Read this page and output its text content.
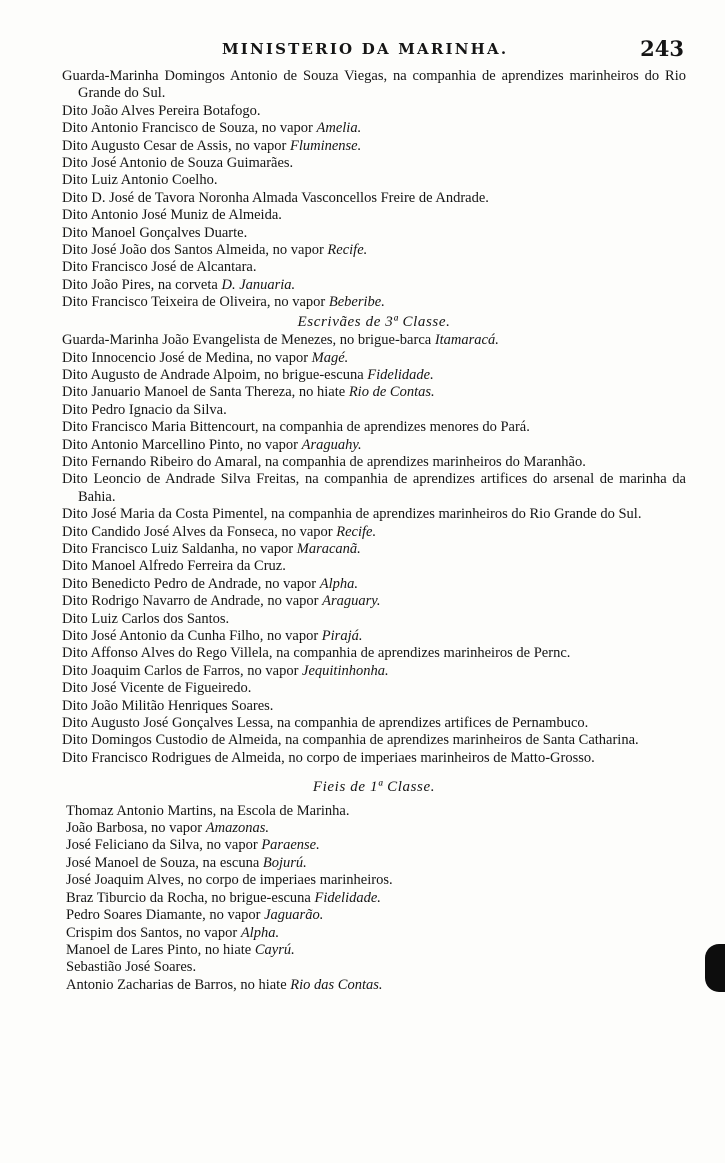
MINISTERIO DA MARINHA.	243

Guarda-Marinha Domingos Antonio de Souza Viegas, na companhia de aprendizes marinheiros do Rio Grande do Sul.

Dito João Alves Pereira Botafogo.

Dito Antonio Francisco de Souza, no vapor Amelia.

Dito Augusto Cesar de Assis, no vapor Fluminense.

Dito José Antonio de Souza Guimarães.

Dito Luiz Antonio Coelho.

Dito D. José de Tavora Noronha Almada Vasconcellos Freire de Andrade.

Dito Antonio José Muniz de Almeida.

Dito Manoel Gonçalves Duarte.

Dito José João dos Santos Almeida, no vapor Recife.

Dito Francisco José de Alcantara.

Dito João Pires, na corveta D. Januaria.

Dito Francisco Teixeira de Oliveira, no vapor Beberibe.

Escrivães de 3ª Classe.

Guarda-Marinha João Evangelista de Menezes, no brigue-barca Itamaracá.

Dito Innocencio José de Medina, no vapor Magé.

Dito Augusto de Andrade Alpoim, no brigue-escuna Fidelidade.

Dito Januario Manoel de Santa Thereza, no hiate Rio de Contas.

Dito Pedro Ignacio da Silva.

Dito Francisco Maria Bittencourt, na companhia de aprendizes menores do Pará.

Dito Antonio Marcellino Pinto, no vapor Araguahy.

Dito Fernando Ribeiro do Amaral, na companhia de aprendizes marinheiros do Maranhão.

Dito Leoncio de Andrade Silva Freitas, na companhia de aprendizes artifices do arsenal de marinha da Bahia.

Dito José Maria da Costa Pimentel, na companhia de aprendizes marinheiros do Rio Grande do Sul.

Dito Candido José Alves da Fonseca, no vapor Recife.

Dito Francisco Luiz Saldanha, no vapor Maracanã.

Dito Manoel Alfredo Ferreira da Cruz.

Dito Benedicto Pedro de Andrade, no vapor Alpha.

Dito Rodrigo Navarro de Andrade, no vapor Araguary.

Dito Luiz Carlos dos Santos.

Dito José Antonio da Cunha Filho, no vapor Pirajá.

Dito Affonso Alves do Rego Villela, na companhia de aprendizes marinheiros de Pernc.

Dito Joaquim Carlos de Farros, no vapor Jequitinhonha.

Dito José Vicente de Figueiredo.

Dito João Militão Henriques Soares.

Dito Augusto José Gonçalves Lessa, na companhia de aprendizes artifices de Pernambuco.

Dito Domingos Custodio de Almeida, na companhia de aprendizes marinheiros de Santa Catharina.

Dito Francisco Rodrigues de Almeida, no corpo de imperiaes marinheiros de Matto-Grosso.

Fieis de 1ª Classe.

Thomaz Antonio Martins, na Escola de Marinha.

João Barbosa, no vapor Amazonas.

José Feliciano da Silva, no vapor Paraense.

José Manoel de Souza, na escuna Bojurú.

José Joaquim Alves, no corpo de imperiaes marinheiros.

Braz Tiburcio da Rocha, no brigue-escuna Fidelidade.

Pedro Soares Diamante, no vapor Jaguarão.

Crispim dos Santos, no vapor Alpha.

Manoel de Lares Pinto, no hiate Cayrú.

Sebastião José Soares.

Antonio Zacharias de Barros, no hiate Rio das Contas.
